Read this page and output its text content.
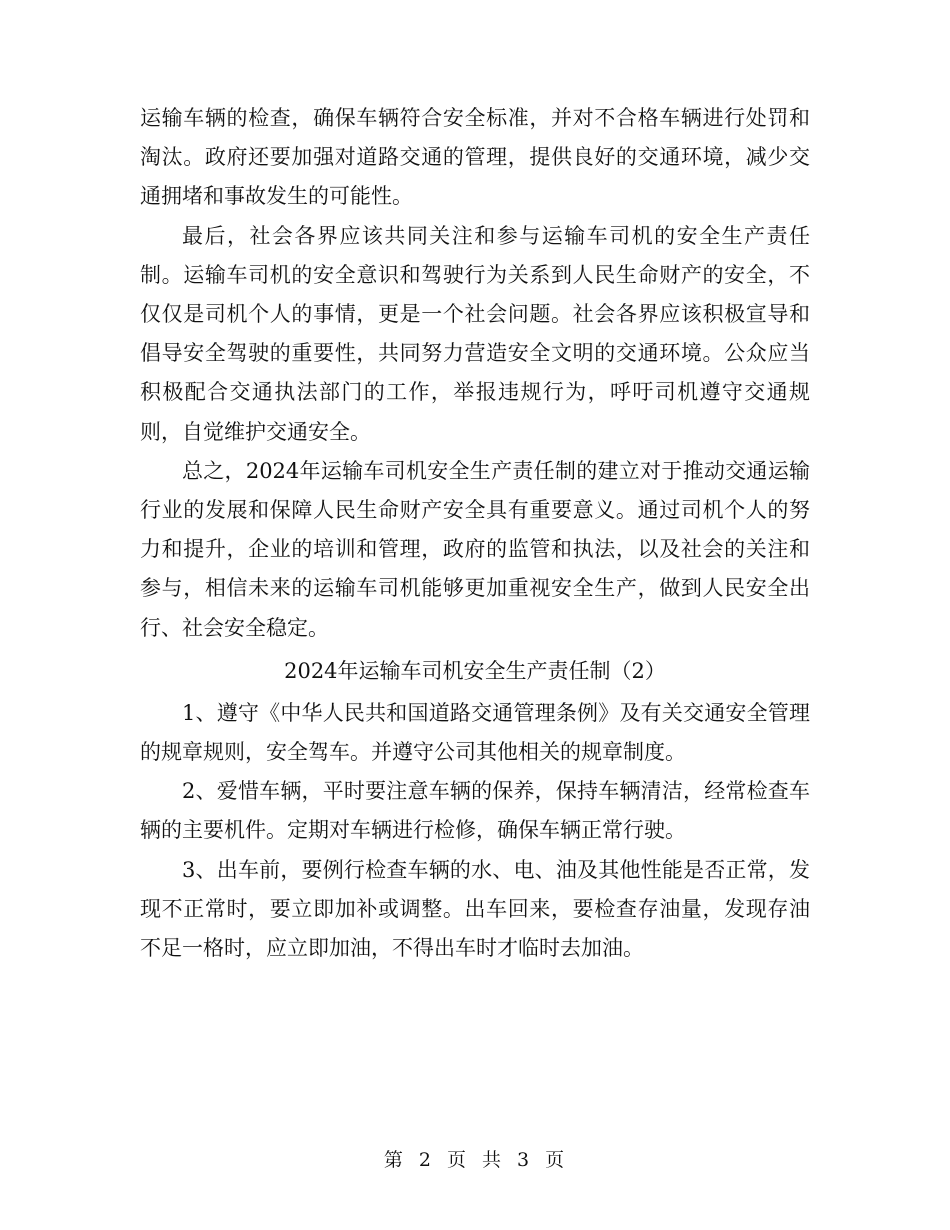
运输车辆的检查，确保车辆符合安全标准，并对不合格车辆进行处罚和淘汰。政府还要加强对道路交通的管理，提供良好的交通环境，减少交通拥堵和事故发生的可能性。

最后，社会各界应该共同关注和参与运输车司机的安全生产责任制。运输车司机的安全意识和驾驶行为关系到人民生命财产的安全，不仅仅是司机个人的事情，更是一个社会问题。社会各界应该积极宣导和倡导安全驾驶的重要性，共同努力营造安全文明的交通环境。公众应当积极配合交通执法部门的工作，举报违规行为，呼吁司机遵守交通规则，自觉维护交通安全。

总之，2024年运输车司机安全生产责任制的建立对于推动交通运输行业的发展和保障人民生命财产安全具有重要意义。通过司机个人的努力和提升，企业的培训和管理，政府的监管和执法，以及社会的关注和参与，相信未来的运输车司机能够更加重视安全生产，做到人民安全出行、社会安全稳定。

2024年运输车司机安全生产责任制（2）

1、遵守《中华人民共和国道路交通管理条例》及有关交通安全管理的规章规则，安全驾车。并遵守公司其他相关的规章制度。

2、爱惜车辆，平时要注意车辆的保养，保持车辆清洁，经常检查车辆的主要机件。定期对车辆进行检修，确保车辆正常行驶。

3、出车前，要例行检查车辆的水、电、油及其他性能是否正常，发现不正常时，要立即加补或调整。出车回来，要检查存油量，发现存油不足一格时，应立即加油，不得出车时才临时去加油。

第 2 页 共 3 页
